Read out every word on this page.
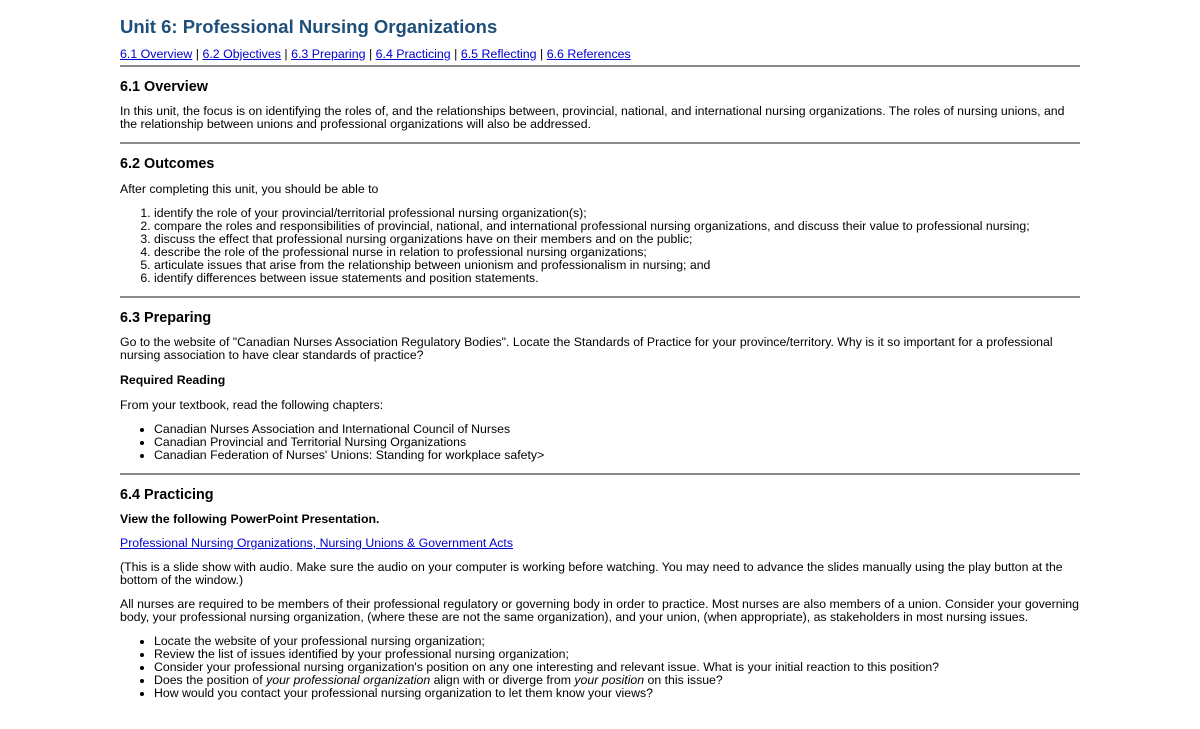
Unit 6: Professional Nursing Organizations
6.1 Overview | 6.2 Objectives | 6.3 Preparing | 6.4 Practicing | 6.5 Reflecting | 6.6 References
6.1 Overview

In this unit, the focus is on identifying the roles of, and the relationships between, provincial, national, and international nursing organizations. The roles of nursing unions, and the relationship between unions and professional organizations will also be addressed.

6.2 Outcomes

After completing this unit, you should be able to

1. identify the role of your provincial/territorial professional nursing organization(s);
2. compare the roles and responsibilities of provincial, national, and international professional nursing organizations, and discuss their value to professional nursing;
3. discuss the effect that professional nursing organizations have on their members and on the public;
4. describe the role of the professional nurse in relation to professional nursing organizations;
5. articulate issues that arise from the relationship between unionism and professionalism in nursing; and
6. identify differences between issue statements and position statements.
6.3 Preparing

Go to the website of "Canadian Nurses Association Regulatory Bodies". Locate the Standards of Practice for your province/territory. Why is it so important for a professional nursing association to have clear standards of practice?

Required Reading

From your textbook, read the following chapters:

• Canadian Nurses Association and International Council of Nurses
• Canadian Provincial and Territorial Nursing Organizations
• Canadian Federation of Nurses' Unions: Standing for workplace safety>
6.4 Practicing

View the following PowerPoint Presentation.

Professional Nursing Organizations, Nursing Unions & Government Acts

(This is a slide show with audio. Make sure the audio on your computer is working before watching. You may need to advance the slides manually using the play button at the bottom of the window.)

All nurses are required to be members of their professional regulatory or governing body in order to practice. Most nurses are also members of a union. Consider your governing body, your professional nursing organization, (where these are not the same organization), and your union, (when appropriate), as stakeholders in most nursing issues.

• Locate the website of your professional nursing organization;
• Review the list of issues identified by your professional nursing organization;
• Consider your professional nursing organization's position on any one interesting and relevant issue. What is your initial reaction to this position?
• Does the position of your professional organization align with or diverge from your position on this issue?
• How would you contact your professional nursing organization to let them know your views?
